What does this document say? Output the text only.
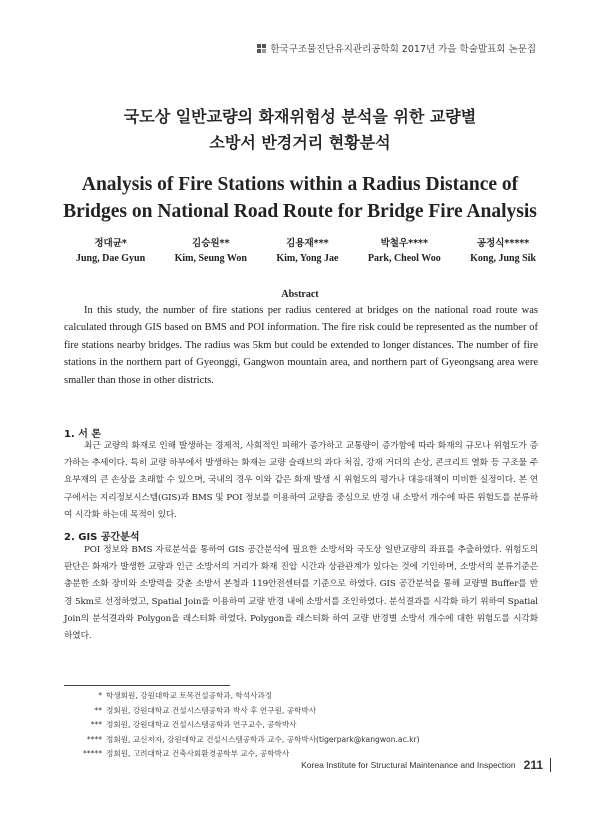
한국구조물진단유지관리공학회 2017년 가을 학술발표회 논문집
국도상 일반교량의 화재위험성 분석을 위한 교량별
소방서 반경거리 현황분석
Analysis of Fire Stations within a Radius Distance of
Bridges on National Road Route for Bridge Fire Analysis
정대균*
Jung, Dae Gyun
김승원**
Kim, Seung Won
김용재***
Kim, Yong Jae
박철우****
Park, Cheol Woo
공정식*****
Kong, Jung Sik
Abstract

In this study, the number of fire stations per radius centered at bridges on the national road route was calculated through GIS based on BMS and POI information. The fire risk could be represented as the number of fire stations nearby bridges. The radius was 5km but could be extended to longer distances. The number of fire stations in the northern part of Gyeonggi, Gangwon mountain area, and northern part of Gyeongsang area were smaller than those in other districts.

1. 서 론

최근 교량의 화재로 인해 발생하는 경제적, 사회적인 피해가 증가하고 교통량이 증가함에 따라 화재의 규모나 위험도가 증가하는 추세이다. 특히 교량 하부에서 발생하는 화재는 교량 슬래브의 과다 처짐, 강재 거더의 손상, 콘크리트 열화 등 구조물 주요부재의 큰 손상을 초래할 수 있으며, 국내의 경우 이와 같은 화재 발생 시 위험도의 평가나 대응대책이 미비한 실정이다. 본 연구에서는 지리정보시스템(GIS)과 BMS 및 POI 정보를 이용하여 교량을 중심으로 반경 내 소방서 개수에 따른 위험도를 분류하여 시각화 하는데 목적이 있다.

2. GIS 공간분석

POI 정보와 BMS 자료분석을 통하여 GIS 공간분석에 필요한 소방서와 국도상 일반교량의 좌표를 추출하였다. 위험도의 판단은 화재가 발생한 교량과 인근 소방서의 거리가 화재 진압 시간과 상관관계가 있다는 것에 기인하며, 소방서의 분류기준은 충분한 소화 장비와 소방력을 갖춘 소방서 본청과 119안전센터를 기준으로 하였다. GIS 공간분석을 통해 교량별 Buffer를 반경 5km로 선정하였고, Spatial Join을 이용하여 교량 반경 내에 소방서를 조인하였다. 분석결과를 시각화 하기 위하여 Spatial Join의 분석결과와 Polygon을 래스터화 하였다. Polygon을 래스터화 하여 교량 반경별 소방서 개수에 대한 위험도를 시각화 하였다.

* 학생회원, 강원대학교 토목건설공학과, 학석사과정
** 정회원, 강원대학교 건설시스템공학과 박사 후 연구원, 공학박사
*** 정회원, 강원대학교 건설시스템공학과 연구교수, 공학박사
**** 정회원, 교신저자, 강원대학교 건설시스템공학과 교수, 공학박사(tigerpark@kangwon.ac.kr)
***** 정회원, 고려대학교 건축사회환경공학부 교수, 공학박사
Korea Institute for Structural Maintenance and Inspection 211
